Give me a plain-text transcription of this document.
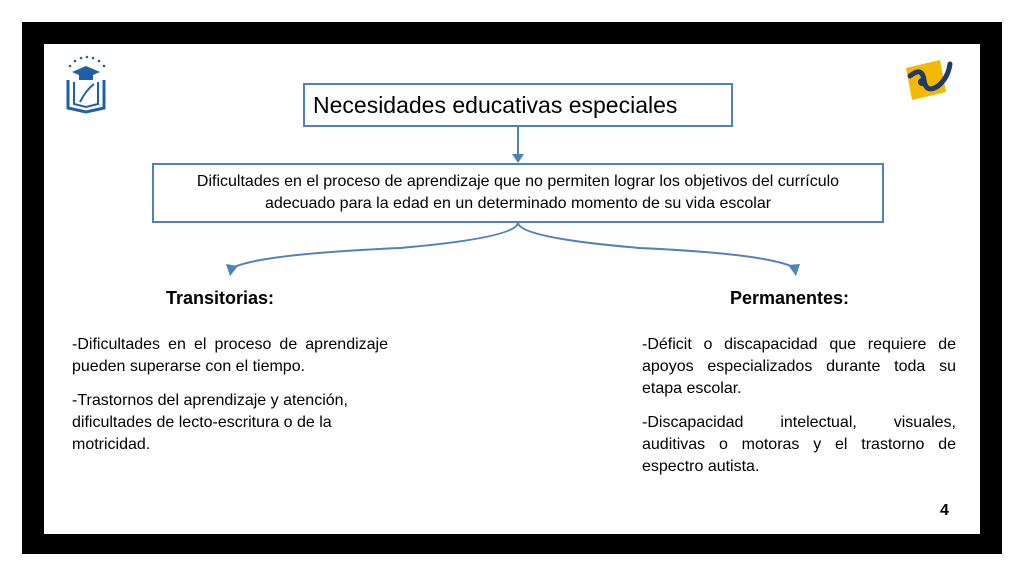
Necesidades educativas especiales
Dificultades en el proceso de aprendizaje que no permiten lograr los objetivos del currículo adecuado para la edad en un determinado momento de su vida escolar
Transitorias:

-Dificultades en el proceso de aprendizaje pueden superarse con el tiempo.

-Trastornos del aprendizaje y atención, dificultades de lecto-escritura o de la motricidad.

Permanentes:

-Déficit o discapacidad que requiere de apoyos especializados durante toda su etapa escolar.

-Discapacidad intelectual, visuales, auditivas o motoras y el trastorno de espectro autista.

4
